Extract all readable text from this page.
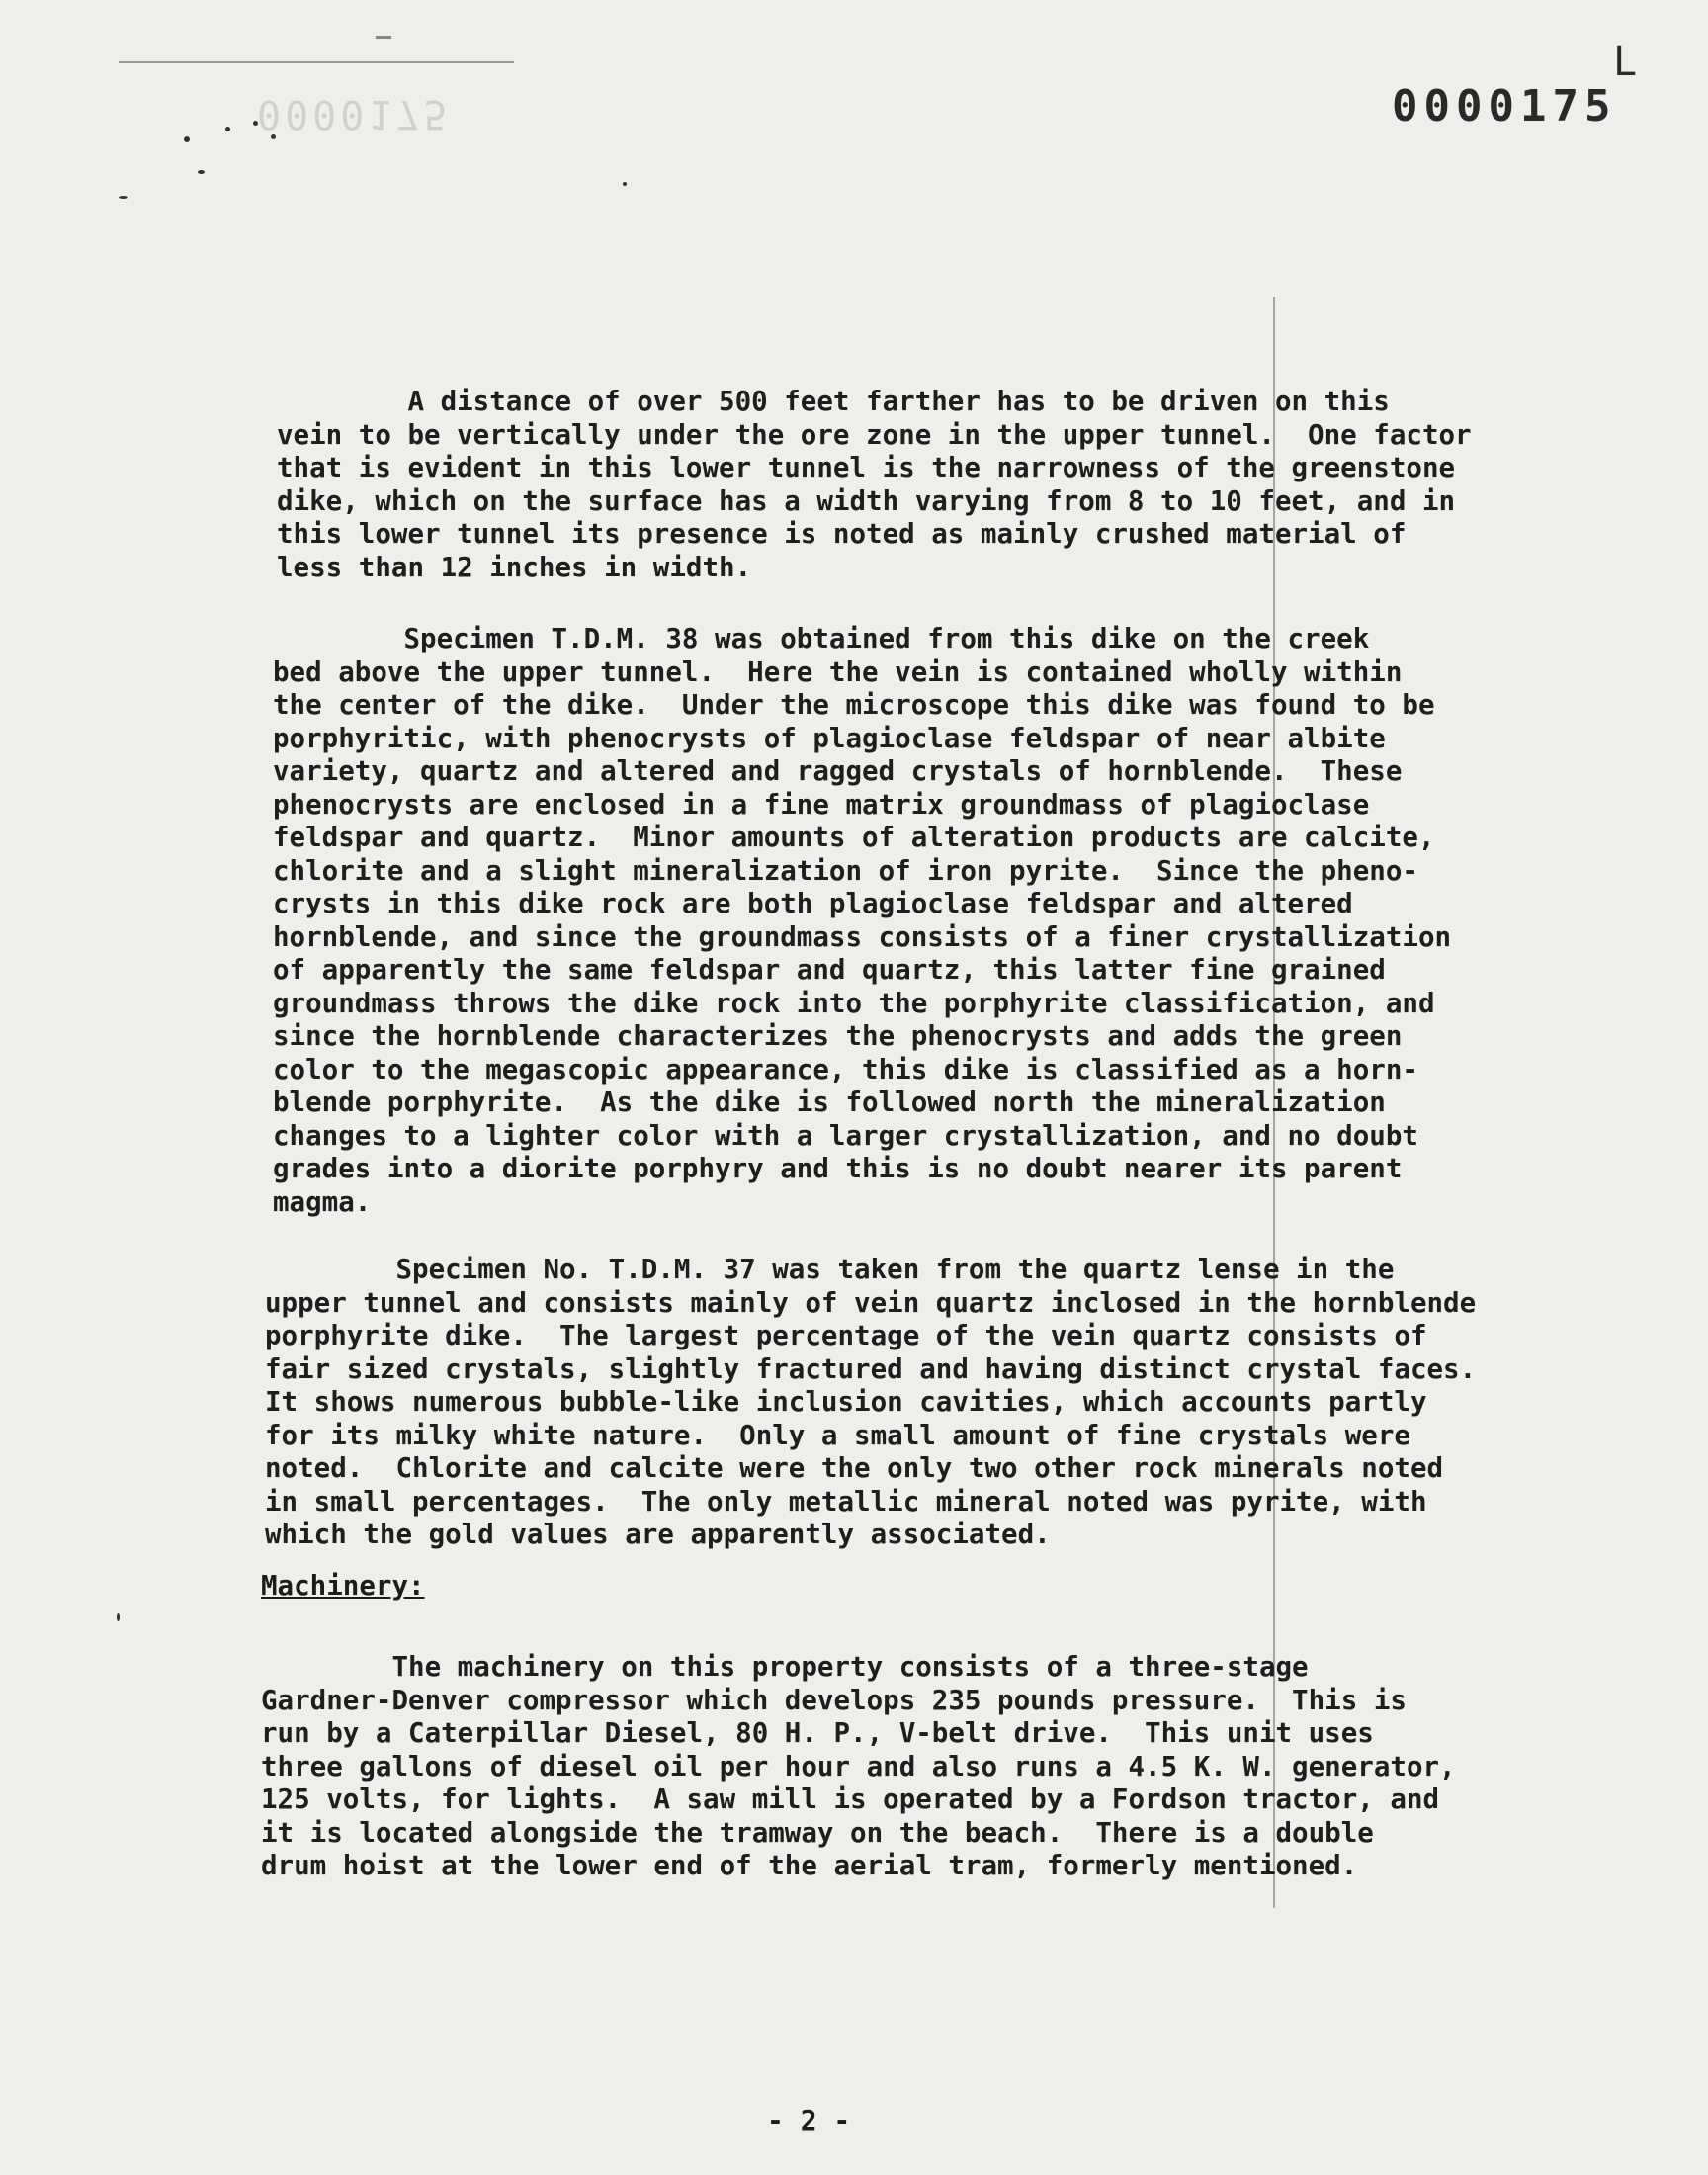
0000175	0000175
L
A distance of over 500 feet farther has to be driven on this
vein to be vertically under the ore zone in the upper tunnel.  One factor
that is evident in this lower tunnel is the narrowness of the greenstone
dike, which on the surface has a width varying from 8 to 10 feet, and in
this lower tunnel its presence is noted as mainly crushed material of
less than 12 inches in width.
Specimen T.D.M. 38 was obtained from this dike on the creek
bed above the upper tunnel.  Here the vein is contained wholly within
the center of the dike.  Under the microscope this dike was found to be
porphyritic, with phenocrysts of plagioclase feldspar of near albite
variety, quartz and altered and ragged crystals of hornblende.  These
phenocrysts are enclosed in a fine matrix groundmass of plagioclase
feldspar and quartz.  Minor amounts of alteration products are calcite,
chlorite and a slight mineralization of iron pyrite.  Since the pheno-
crysts in this dike rock are both plagioclase feldspar and altered
hornblende, and since the groundmass consists of a finer crystallization
of apparently the same feldspar and quartz, this latter fine grained
groundmass throws the dike rock into the porphyrite classification, and
since the hornblende characterizes the phenocrysts and adds the green
color to the megascopic appearance, this dike is classified as a horn-
blende porphyrite.  As the dike is followed north the mineralization
changes to a lighter color with a larger crystallization, and no doubt
grades into a diorite porphyry and this is no doubt nearer its parent
magma.
Specimen No. T.D.M. 37 was taken from the quartz lense in the
upper tunnel and consists mainly of vein quartz inclosed in the hornblende
porphyrite dike.  The largest percentage of the vein quartz consists of
fair sized crystals, slightly fractured and having distinct crystal faces.
It shows numerous bubble-like inclusion cavities, which accounts partly
for its milky white nature.  Only a small amount of fine crystals were
noted.  Chlorite and calcite were the only two other rock minerals noted
in small percentages.  The only metallic mineral noted was pyrite, with
which the gold values are apparently associated.
Machinery:
The machinery on this property consists of a three-stage
Gardner-Denver compressor which develops 235 pounds pressure.  This is
run by a Caterpillar Diesel, 80 H. P., V-belt drive.  This unit uses
three gallons of diesel oil per hour and also runs a 4.5 K. W. generator,
125 volts, for lights.  A saw mill is operated by a Fordson tractor, and
it is located alongside the tramway on the beach.  There is a double
drum hoist at the lower end of the aerial tram, formerly mentioned.
- 2 -
